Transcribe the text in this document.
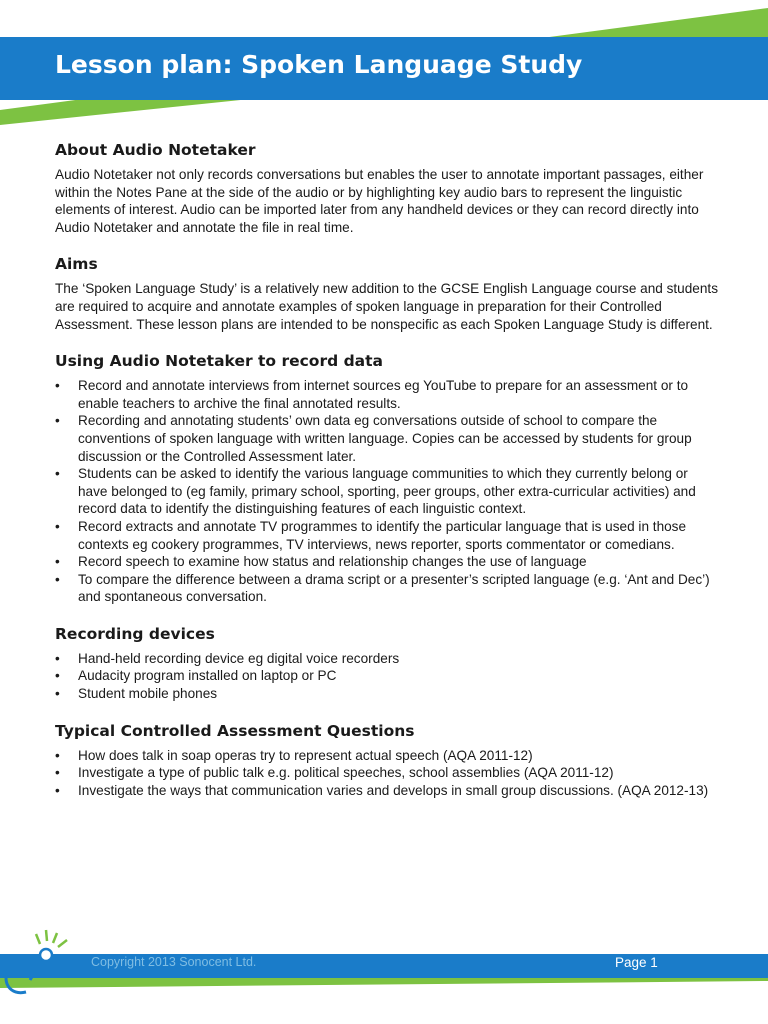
Lesson plan: Spoken Language Study
About Audio Notetaker

Audio Notetaker not only records conversations but enables the user to annotate important passages, either within the Notes Pane at the side of the audio or by highlighting key audio bars to represent the linguistic elements of interest. Audio can be imported later from any handheld devices or they can record directly into Audio Notetaker and annotate the file in real time.

Aims

The ‘Spoken Language Study’ is a relatively new addition to the GCSE English Language course and students are required to acquire and annotate examples of spoken language in preparation for their Controlled Assessment. These lesson plans are intended to be nonspecific as each Spoken Language Study is different.

Using Audio Notetaker to record data
•	Record and annotate interviews from internet sources eg YouTube to prepare for an assessment or to enable teachers to archive the final annotated results.
•	Recording and annotating students’ own data eg conversations outside of school to compare the conventions of spoken language with written language. Copies can be accessed by students for group discussion or the Controlled Assessment later.
•	Students can be asked to identify the various language communities to which they currently belong or have belonged to (eg family, primary school, sporting, peer groups, other extra-curricular activities) and record data to identify the distinguishing features of each linguistic context.
•	Record extracts and annotate TV programmes to identify the particular language that is used in those contexts eg cookery programmes, TV interviews, news reporter, sports commentator or comedians.
•	Record speech to examine how status and relationship changes the use of language
•	To compare the difference between a drama script or a presenter’s scripted language (e.g. ‘Ant and Dec’) and spontaneous conversation.
Recording devices
•	Hand-held recording device eg digital voice recorders
•	Audacity program installed on laptop or PC
•	Student mobile phones
Typical Controlled Assessment Questions
•	How does talk in soap operas try to represent actual speech (AQA 2011-12)
•	Investigate a type of public talk e.g. political speeches, school assemblies (AQA 2011-12)
•	Investigate the ways that communication varies and develops in small group discussions. (AQA 2012-13)
Copyright 2013 Sonocent Ltd.	Page 1
